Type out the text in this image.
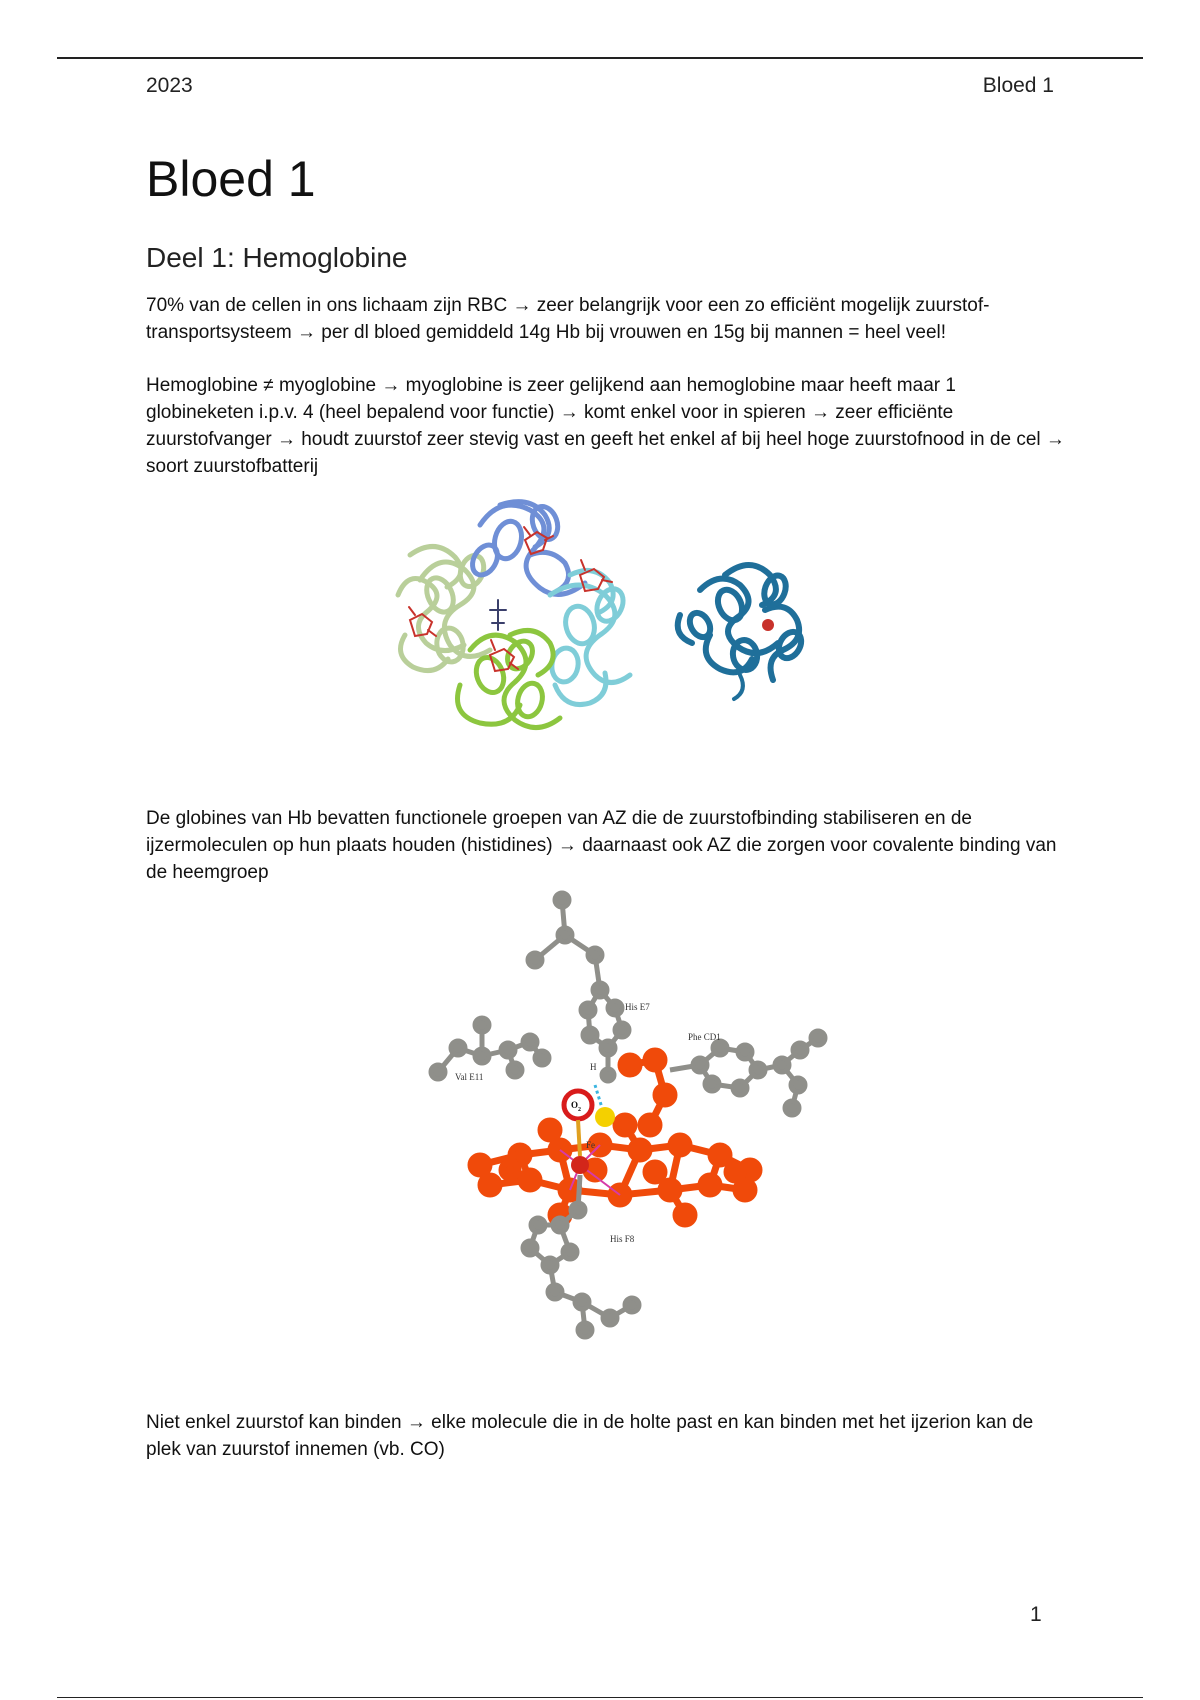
2023	Bloed 1
Bloed 1
Deel 1: Hemoglobine

70% van de cellen in ons lichaam zijn RBC → zeer belangrijk voor een zo efficiënt mogelijk zuurstof-transportsysteem → per dl bloed gemiddeld 14g Hb bij vrouwen en 15g bij mannen = heel veel!

Hemoglobine ≠ myoglobine → myoglobine is zeer gelijkend aan hemoglobine maar heeft maar 1 globineketen i.p.v. 4 (heel bepalend voor functie) → komt enkel voor in spieren → zeer efficiënte zuurstofvanger → houdt zuurstof zeer stevig vast en geeft het enkel af bij heel hoge zuurstofnood in de cel → soort zuurstofbatterij

De globines van Hb bevatten functionele groepen van AZ die de zuurstofbinding stabiliseren en de ijzermoleculen op hun plaats houden (histidines) → daarnaast ook AZ die zorgen voor covalente binding van de heemgroep

His E7
Phe CD1
Val E11
H
Fe
His F8
$O_2$

Niet enkel zuurstof kan binden → elke molecule die in de holte past en kan binden met het ijzerion kan de plek van zuurstof innemen (vb. CO)

1
